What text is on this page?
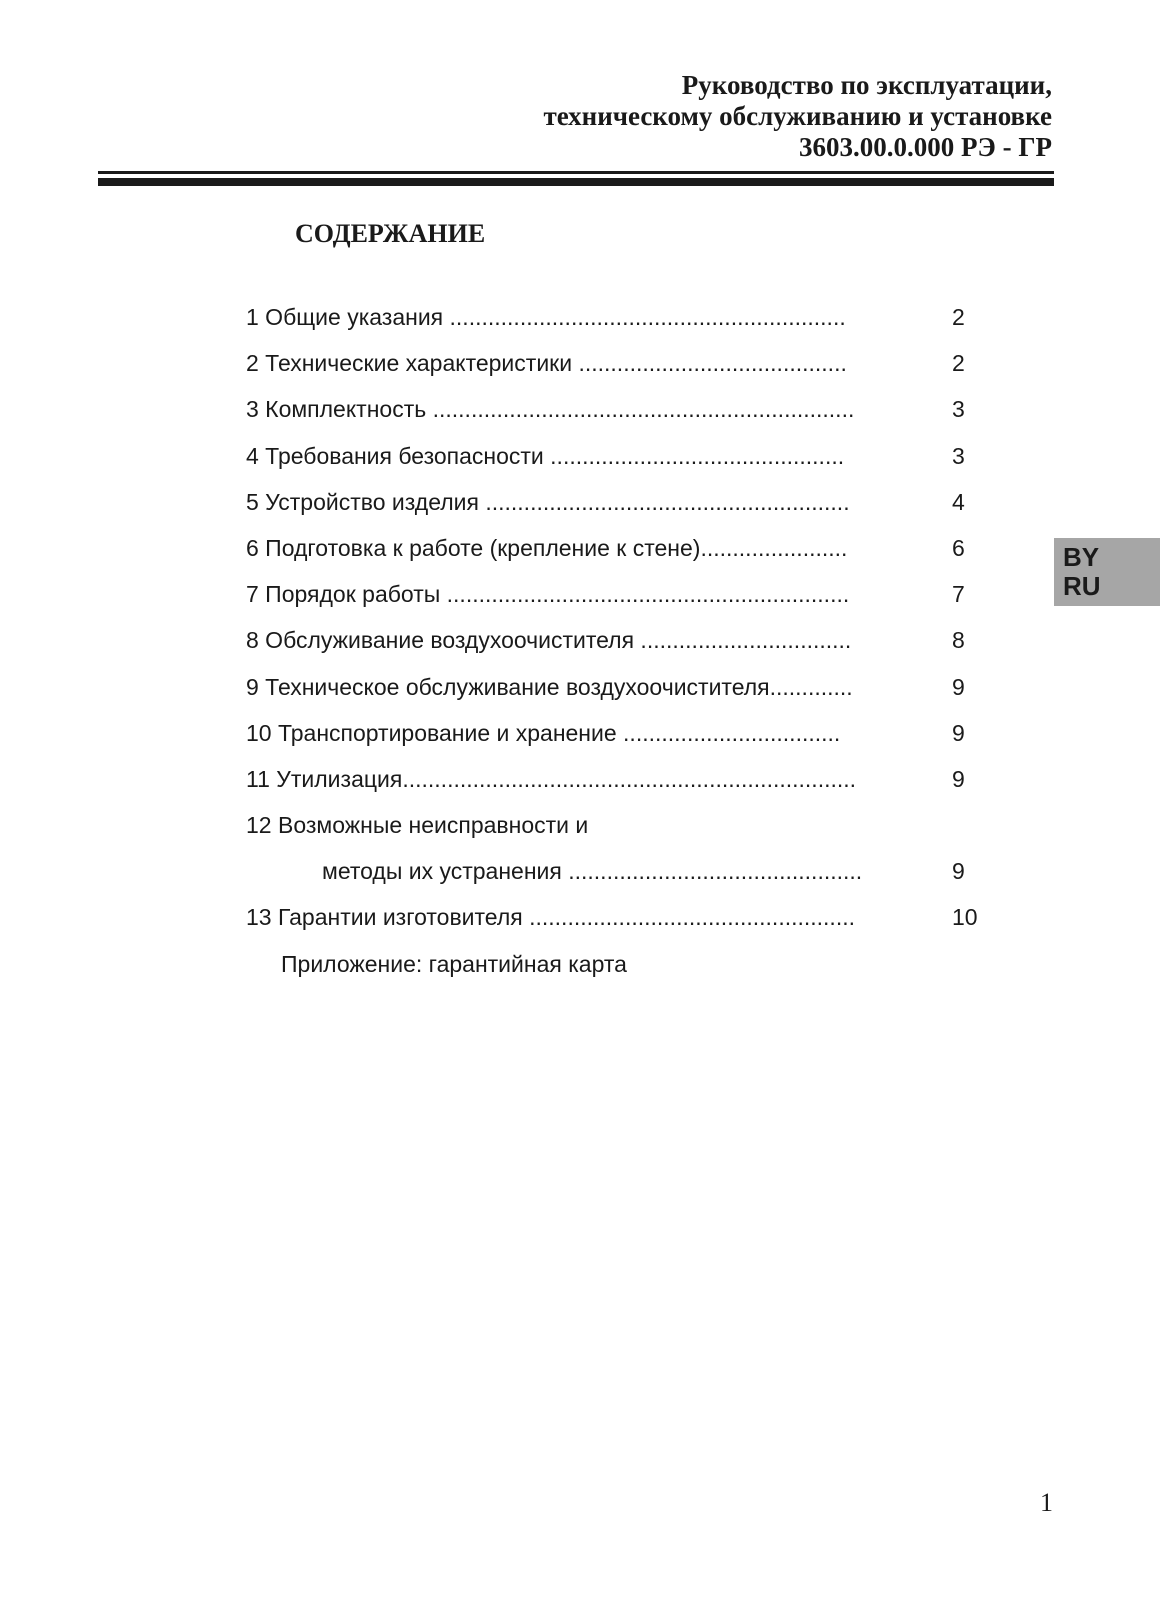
Руководство по эксплуатации,
техническому обслуживанию и установке
3603.00.0.000 РЭ - ГР
СОДЕРЖАНИЕ
1 Общие указания ..............................................................	2
2 Технические характеристики ..........................................	2
3 Комплектность ..................................................................	3
4 Требования безопасности ..............................................	3
5 Устройство изделия .........................................................	4
6 Подготовка к работе (крепление к стене).......................	6
7 Порядок работы ...............................................................	7
8 Обслуживание воздухоочистителя .................................	8
9 Техническое обслуживание воздухоочистителя.............	9
10 Транспортирование и хранение ..................................	9
11 Утилизация.......................................................................	9
12 Возможные неисправности и
методы их устранения ..............................................	9
13 Гарантии изготовителя ...................................................	10
Приложение: гарантийная карта
BY
RU
1
